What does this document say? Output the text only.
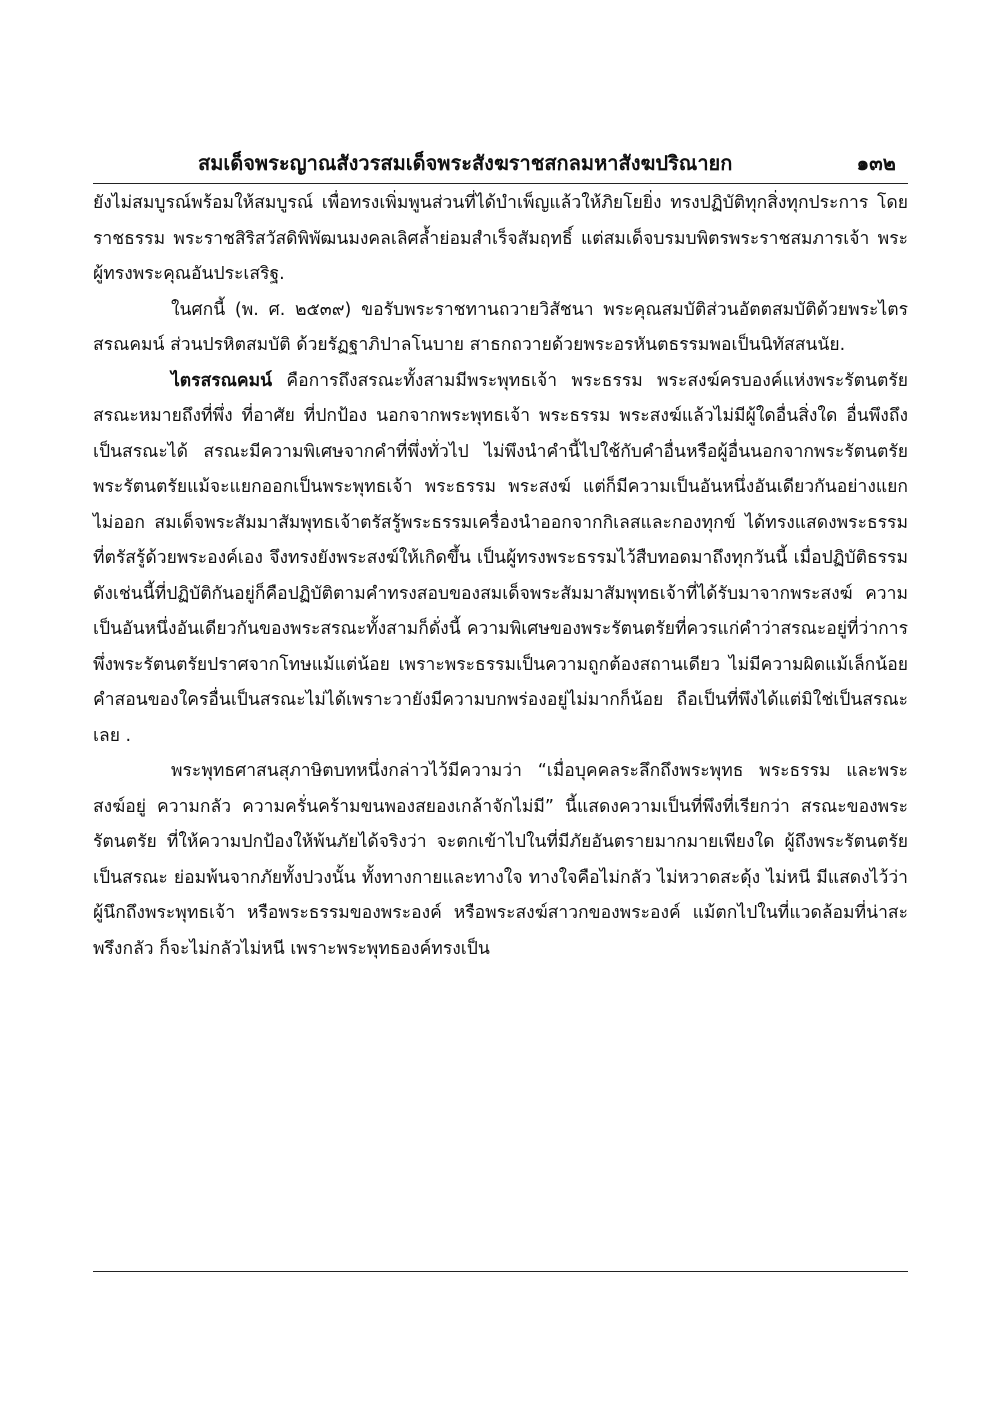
สมเด็จพระญาณสังวรสมเด็จพระสังฆราชสกลมหาสังฆปริณายก	๑๓๒

ยังไม่สมบูรณ์พร้อมให้สมบูรณ์ เพื่อทรงเพิ่มพูนส่วนที่ได้บำเพ็ญแล้วให้ภิยโยยิ่ง ทรงปฏิบัติทุกสิ่งทุกประการ โดยราชธรรม พระราชสิริสวัสดิพิพัฒนมงคลเลิศล้ำย่อมสำเร็จสัมฤทธิ์ แต่สมเด็จบรมบพิตรพระราชสมภารเจ้า พระผู้ทรงพระคุณอันประเสริฐ.

ในศกนี้ (พ. ศ. ๒๕๓๙) ขอรับพระราชทานถวายวิสัชนา พระคุณสมบัติส่วนอัตตสมบัติด้วยพระไตรสรณคมน์ ส่วนปรหิตสมบัติ ด้วยรัฏฐาภิปาลโนบาย สาธกถวายด้วยพระอรหันตธรรมพอเป็นนิทัสสนนัย.

ไตรสรณคมน์ คือการถึงสรณะทั้งสามมีพระพุทธเจ้า พระธรรม พระสงฆ์ครบองค์แห่งพระรัตนตรัย สรณะหมายถึงที่พึ่ง ที่อาศัย ที่ปกป้อง นอกจากพระพุทธเจ้า พระธรรม พระสงฆ์แล้วไม่มีผู้ใดอื่นสิ่งใด อื่นพึงถึงเป็นสรณะได้ สรณะมีความพิเศษจากคำที่พึ่งทั่วไป ไม่พึงนำคำนี้ไปใช้กับคำอื่นหรือผู้อื่นนอกจากพระรัตนตรัย พระรัตนตรัยแม้จะแยกออกเป็นพระพุทธเจ้า พระธรรม พระสงฆ์ แต่ก็มีความเป็นอันหนึ่งอันเดียวกันอย่างแยกไม่ออก สมเด็จพระสัมมาสัมพุทธเจ้าตรัสรู้พระธรรมเครื่องนำออกจากกิเลสและกองทุกข์ ได้ทรงแสดงพระธรรมที่ตรัสรู้ด้วยพระองค์เอง จึงทรงยังพระสงฆ์ให้เกิดขึ้น เป็นผู้ทรงพระธรรมไว้สืบทอดมาถึงทุกวันนี้ เมื่อปฏิบัติธรรมดังเช่นนี้ที่ปฏิบัติกันอยู่ก็คือปฏิบัติตามคำทรงสอบของสมเด็จพระสัมมาสัมพุทธเจ้าที่ได้รับมาจากพระสงฆ์ ความเป็นอันหนึ่งอันเดียวกันของพระสรณะทั้งสามก็ดั่งนี้ ความพิเศษของพระรัตนตรัยที่ควรแก่คำว่าสรณะอยู่ที่ว่าการพึ่งพระรัตนตรัยปราศจากโทษแม้แต่น้อย เพราะพระธรรมเป็นความถูกต้องสถานเดียว ไม่มีความผิดแม้เล็กน้อย คำสอนของใครอื่นเป็นสรณะไม่ได้เพราะวายังมีความบกพร่องอยู่ไม่มากก็น้อย ถือเป็นที่พึงได้แต่มิใช่เป็นสรณะเลย .

พระพุทธศาสนสุภาษิตบทหนึ่งกล่าวไว้มีความว่า “เมื่อบุคคลระลึกถึงพระพุทธ พระธรรม และพระสงฆ์อยู่ ความกลัว ความครั่นคร้ามขนพองสยองเกล้าจักไม่มี” นี้แสดงความเป็นที่พึงที่เรียกว่า สรณะของพระรัตนตรัย ที่ให้ความปกป้องให้พ้นภัยได้จริงว่า จะตกเข้าไปในที่มีภัยอันตรายมากมายเพียงใด ผู้ถึงพระรัตนตรัยเป็นสรณะ ย่อมพ้นจากภัยทั้งปวงนั้น ทั้งทางกายและทางใจ ทางใจคือไม่กลัว ไม่หวาดสะดุ้ง ไม่หนี มีแสดงไว้ว่า ผู้นึกถึงพระพุทธเจ้า หรือพระธรรมของพระองค์ หรือพระสงฆ์สาวกของพระองค์ แม้ตกไปในที่แวดล้อมที่น่าสะพรึงกลัว ก็จะไม่กลัวไม่หนี เพราะพระพุทธองค์ทรงเป็น
